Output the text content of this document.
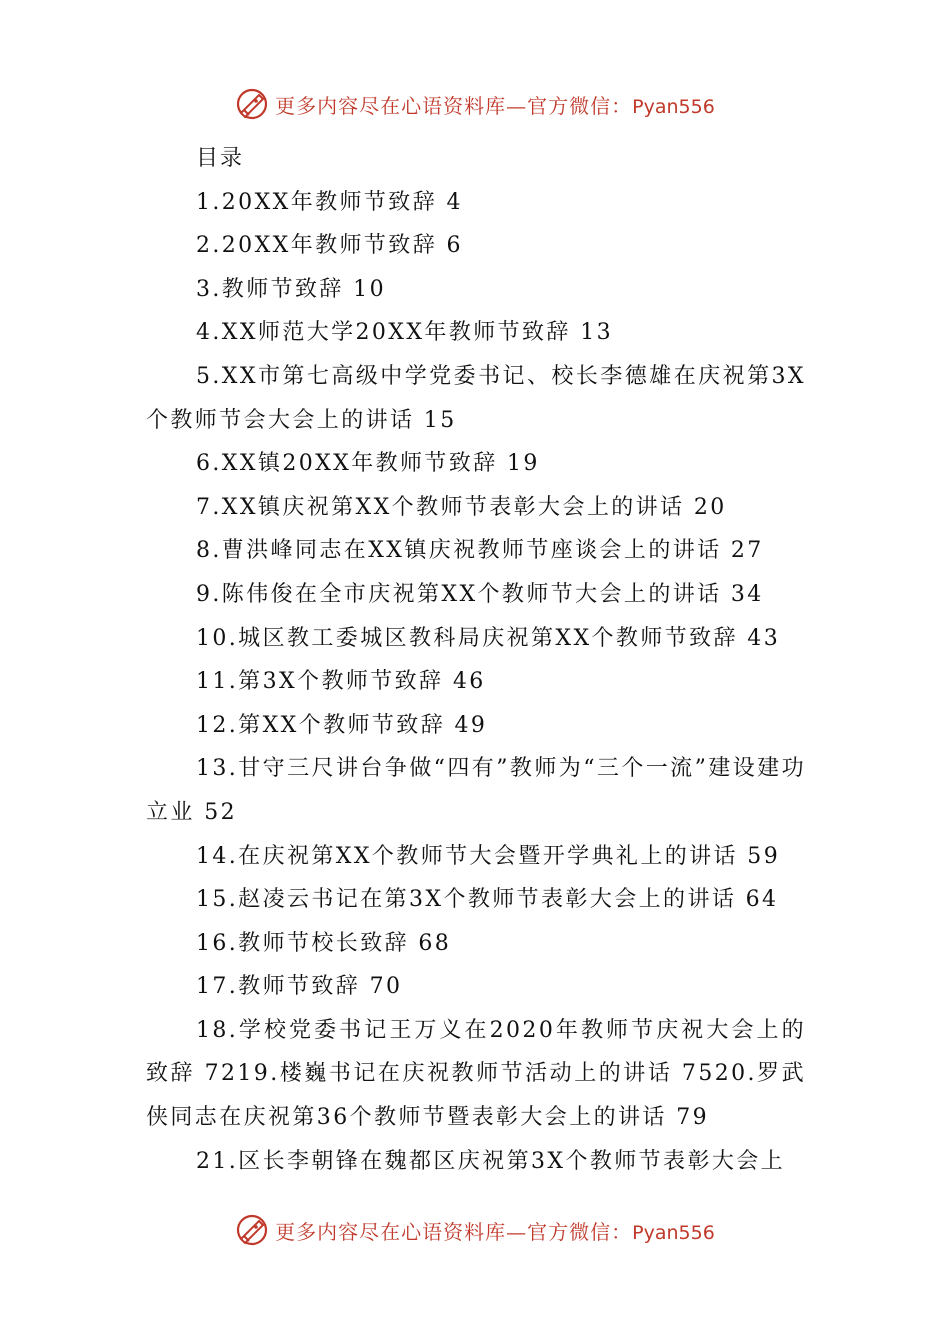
更多内容尽在心语资料库—官方微信：Pyan556

目录

1.20XX年教师节致辞 4

2.20XX年教师节致辞 6

3.教师节致辞 10

4.XX师范大学20XX年教师节致辞 13

5.XX市第七高级中学党委书记、校长李德雄在庆祝第3X个教师节会大会上的讲话 15

6.XX镇20XX年教师节致辞 19

7.XX镇庆祝第XX个教师节表彰大会上的讲话 20

8.曹洪峰同志在XX镇庆祝教师节座谈会上的讲话 27

9.陈伟俊在全市庆祝第XX个教师节大会上的讲话 34

10.城区教工委城区教科局庆祝第XX个教师节致辞 43

11.第3X个教师节致辞 46

12.第XX个教师节致辞 49

13.甘守三尺讲台争做“四有”教师为“三个一流”建设建功立业 52

14.在庆祝第XX个教师节大会暨开学典礼上的讲话 59

15.赵凌云书记在第3X个教师节表彰大会上的讲话 64

16.教师节校长致辞 68

17.教师节致辞 70

18.学校党委书记王万义在2020年教师节庆祝大会上的致辞 7219.楼巍书记在庆祝教师节活动上的讲话 7520.罗武侠同志在庆祝第36个教师节暨表彰大会上的讲话 79

21.区长李朝锋在魏都区庆祝第3X个教师节表彰大会上

更多内容尽在心语资料库—官方微信：Pyan556
